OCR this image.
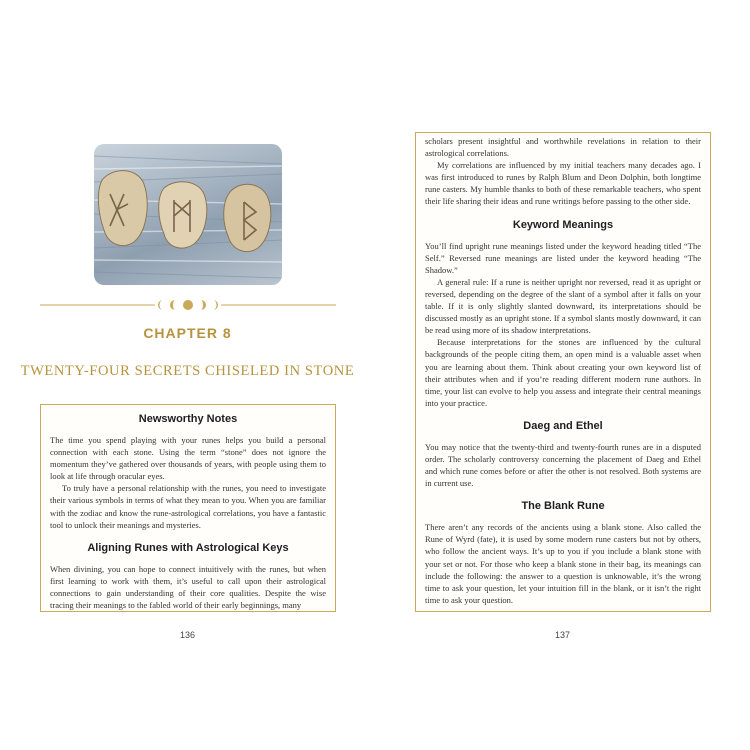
CHAPTER 8
TWENTY-FOUR SECRETS CHISELED IN STONE
Newsworthy Notes

The time you spend playing with your runes helps you build a personal connection with each stone. Using the term “stone” does not ignore the momentum they’ve gathered over thousands of years, with people using them to look at life through oracular eyes.

To truly have a personal relationship with the runes, you need to investigate their various symbols in terms of what they mean to you. When you are familiar with the zodiac and know the rune-astrological correlations, you have a fantastic tool to unlock their meanings and mysteries.

Aligning Runes with Astrological Keys

When divining, you can hope to connect intuitively with the runes, but when first learning to work with them, it’s useful to call upon their astrological connections to gain understanding of their core qualities. Despite the wise tracing their meanings to the fabled world of their early beginnings, many

136

scholars present insightful and worthwhile revelations in relation to their astrological correlations.

My correlations are influenced by my initial teachers many decades ago. I was first introduced to runes by Ralph Blum and Deon Dolphin, both longtime rune casters. My humble thanks to both of these remarkable teachers, who spent their life sharing their ideas and rune writings before passing to the other side.

Keyword Meanings

You’ll find upright rune meanings listed under the keyword heading titled “The Self.” Reversed rune meanings are listed under the keyword heading “The Shadow.”

A general rule: If a rune is neither upright nor reversed, read it as upright or reversed, depending on the degree of the slant of a symbol after it falls on your table. If it is only slightly slanted downward, its interpretations should be discussed mostly as an upright stone. If a symbol slants mostly downward, it can be read using more of its shadow interpretations.

Because interpretations for the stones are influenced by the cultural backgrounds of the people citing them, an open mind is a valuable asset when you are learning about them. Think about creating your own keyword list of their attributes when and if you’re reading different modern rune authors. In time, your list can evolve to help you assess and integrate their central meanings into your practice.

Daeg and Ethel

You may notice that the twenty-third and twenty-fourth runes are in a disputed order. The scholarly controversy concerning the placement of Daeg and Ethel and which rune comes before or after the other is not resolved. Both systems are in current use.

The Blank Rune

There aren’t any records of the ancients using a blank stone. Also called the Rune of Wyrd (fate), it is used by some modern rune casters but not by others, who follow the ancient ways. It’s up to you if you include a blank stone with your set or not. For those who keep a blank stone in their bag, its meanings can include the following: the answer to a question is unknowable, it’s the wrong time to ask your question, let your intuition fill in the blank, or it isn’t the right time to ask your question.

137
